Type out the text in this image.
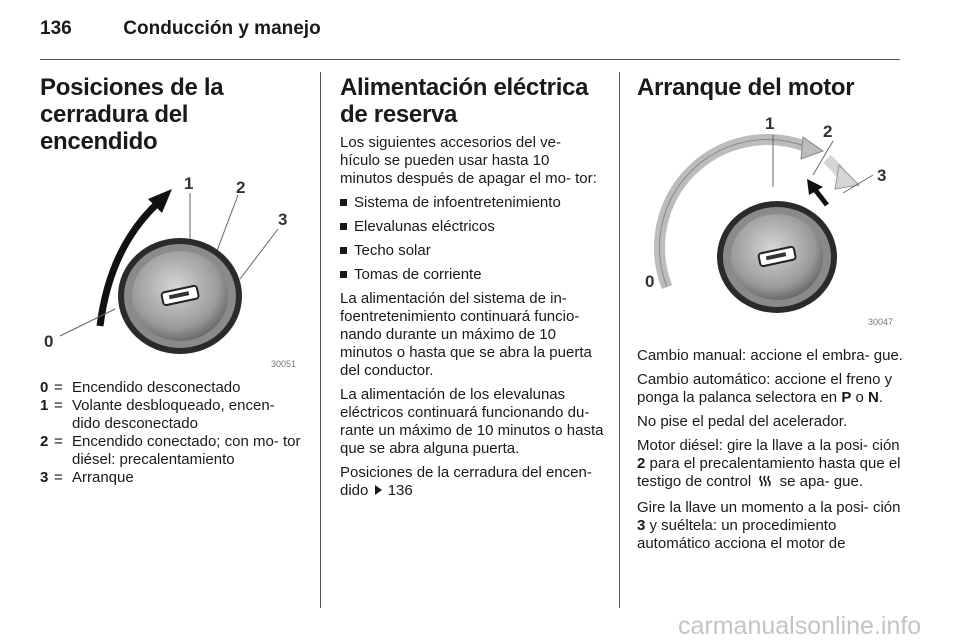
136	Conducción y manejo
Posiciones de la cerradura del encendido
1	2
3
0
30051
0 = Encendido desconectado
1 = Volante desbloqueado, encen- dido desconectado
2 = Encendido conectado; con mo- tor diésel: precalentamiento
3 = Arranque
Alimentación eléctrica de reserva

Los siguientes accesorios del ve- hículo se pueden usar hasta 10 minutos después de apagar el mo- tor:

Sistema de infoentretenimiento
Elevalunas eléctricos
Techo solar
Tomas de corriente

La alimentación del sistema de in- foentretenimiento continuará funcio- nando durante un máximo de 10 minutos o hasta que se abra la puerta del conductor.

La alimentación de los elevalunas eléctricos continuará funcionando du- rante un máximo de 10 minutos o hasta que se abra alguna puerta.

Posiciones de la cerradura del encen- dido 136

Arranque del motor
1	2
3
0
30047

Cambio manual: accione el embra- gue.

Cambio automático: accione el freno y ponga la palanca selectora en P o N.

No pise el pedal del acelerador.

Motor diésel: gire la llave a la posi- ción 2 para el precalentamiento hasta que el testigo de control se apa- gue.

Gire la llave un momento a la posi- ción 3 y suéltela: un procedimiento automático acciona el motor de

carmanualsonline.info
